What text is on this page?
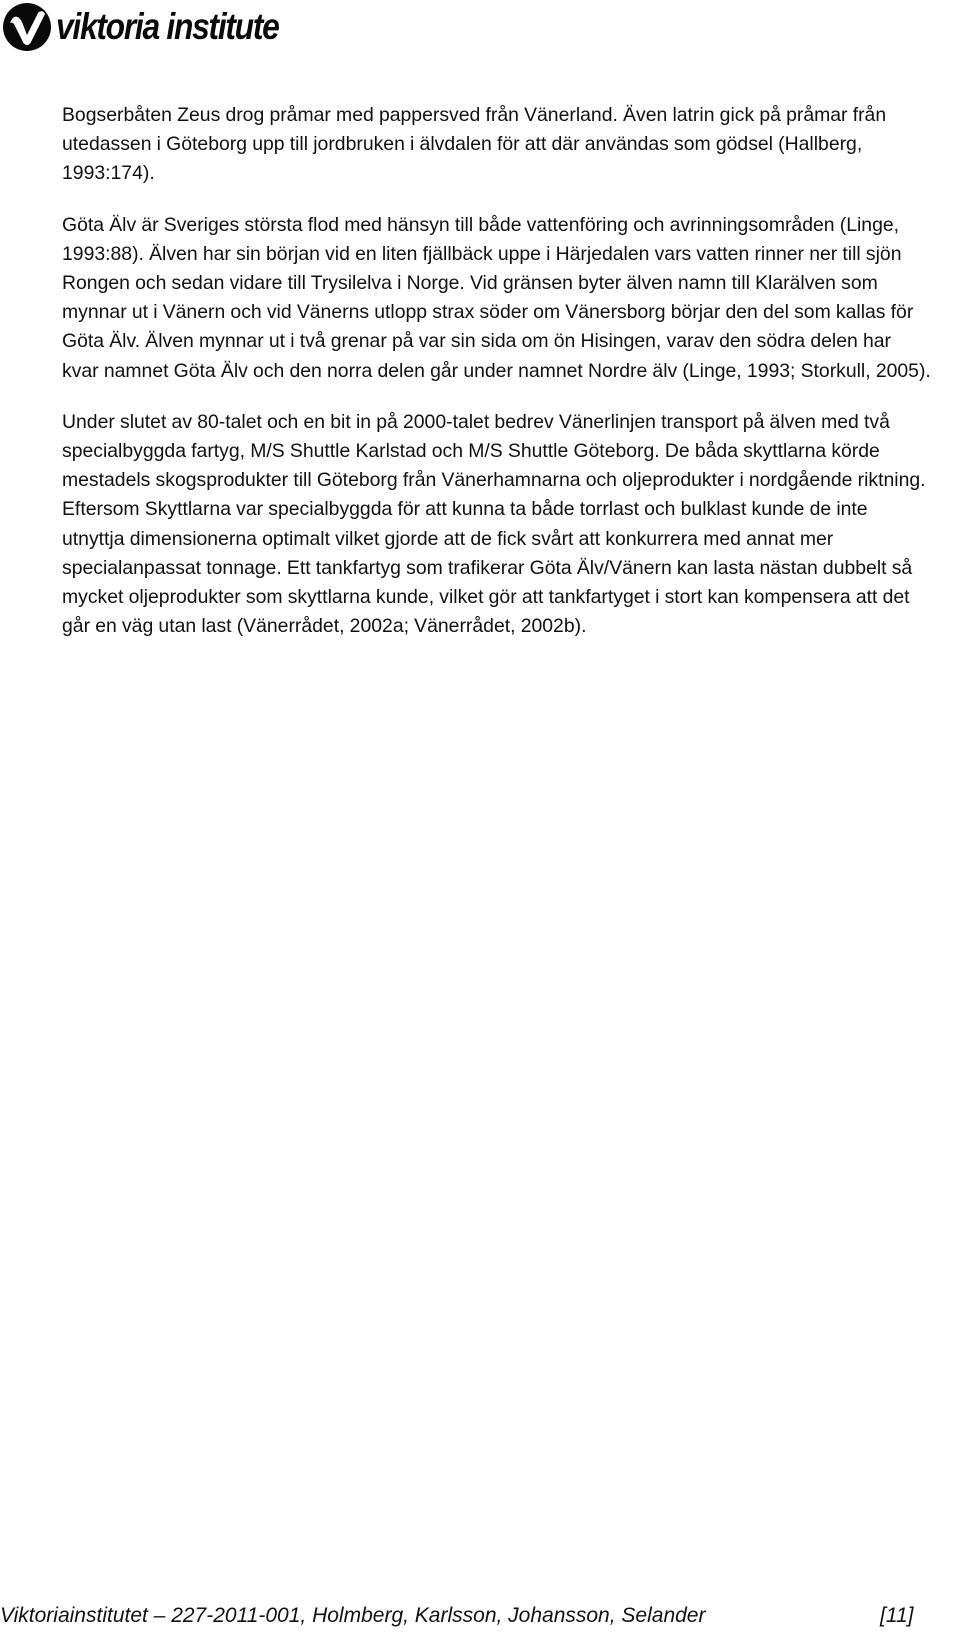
viktoria institute

Bogserbåten Zeus drog pråmar med pappersved från Vänerland. Även latrin gick på pråmar från utedassen i Göteborg upp till jordbruken i älvdalen för att där användas som gödsel (Hallberg, 1993:174).

Göta Älv är Sveriges största flod med hänsyn till både vattenföring och avrinningsområden (Linge, 1993:88). Älven har sin början vid en liten fjällbäck uppe i Härjedalen vars vatten rinner ner till sjön Rongen och sedan vidare till Trysilelva i Norge. Vid gränsen byter älven namn till Klarälven som mynnar ut i Vänern och vid Vänerns utlopp strax söder om Vänersborg börjar den del som kallas för Göta Älv. Älven mynnar ut i två grenar på var sin sida om ön Hisingen, varav den södra delen har kvar namnet Göta Älv och den norra delen går under namnet Nordre älv (Linge, 1993; Storkull, 2005).

Under slutet av 80-talet och en bit in på 2000-talet bedrev Vänerlinjen transport på älven med två specialbyggda fartyg, M/S Shuttle Karlstad och M/S Shuttle Göteborg. De båda skyttlarna körde mestadels skogsprodukter till Göteborg från Vänerhamnarna och oljeprodukter i nordgående riktning. Eftersom Skyttlarna var specialbyggda för att kunna ta både torrlast och bulklast kunde de inte utnyttja dimensionerna optimalt vilket gjorde att de fick svårt att konkurrera med annat mer specialanpassat tonnage. Ett tankfartyg som trafikerar Göta Älv/Vänern kan lasta nästan dubbelt så mycket oljeprodukter som skyttlarna kunde, vilket gör att tankfartyget i stort kan kompensera att det går en väg utan last (Vänerrådet, 2002a; Vänerrådet, 2002b).

Viktoriainstitutet – 227-2011-001, Holmberg, Karlsson, Johansson, Selander	[11]
